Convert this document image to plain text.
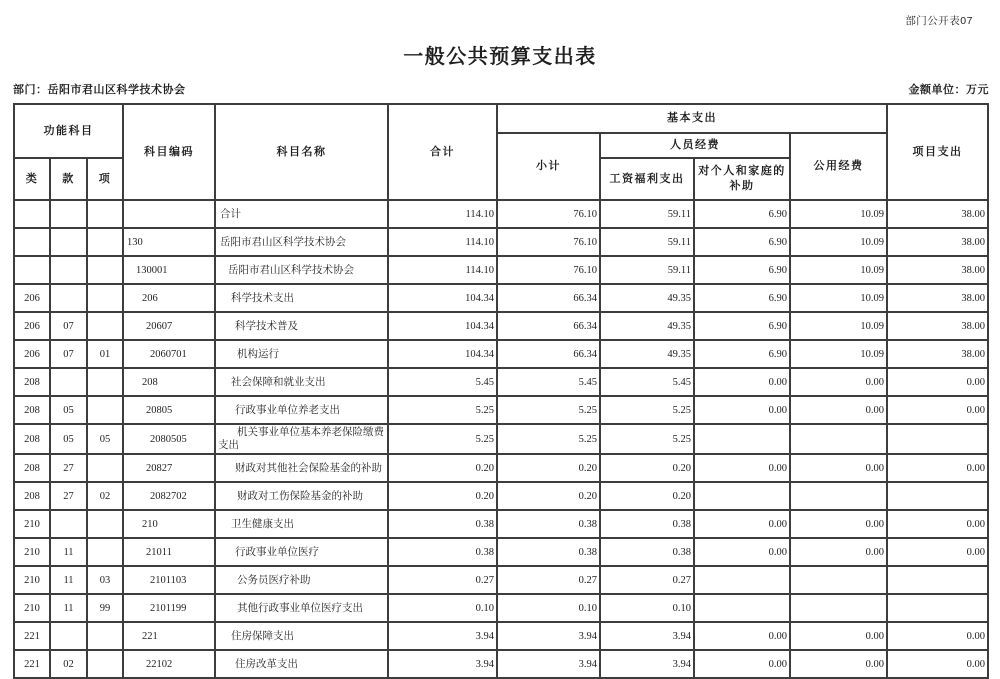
部门公开表07
一般公共预算支出表
部门：岳阳市君山区科学技术协会	金额单位：万元
功能科目			科目编码	科目名称	合计	基本支出				项目支出
						小计	人员经费		公用经费	
类	款	项					工资福利支出	对个人和家庭的补助		
				合计	114.10	76.10	59.11	6.90	10.09	38.00
			130	岳阳市君山区科学技术协会	114.10	76.10	59.11	6.90	10.09	38.00
			130001	岳阳市君山区科学技术协会	114.10	76.10	59.11	6.90	10.09	38.00
206			206	科学技术支出	104.34	66.34	49.35	6.90	10.09	38.00
206	07		20607	科学技术普及	104.34	66.34	49.35	6.90	10.09	38.00
206	07	01	2060701	机构运行	104.34	66.34	49.35	6.90	10.09	38.00
208			208	社会保障和就业支出	5.45	5.45	5.45	0.00	0.00	0.00
208	05		20805	行政事业单位养老支出	5.25	5.25	5.25	0.00	0.00	0.00
208	05	05	2080505	机关事业单位基本养老保险缴费支出	5.25	5.25	5.25			
208	27		20827	财政对其他社会保险基金的补助	0.20	0.20	0.20	0.00	0.00	0.00
208	27	02	2082702	财政对工伤保险基金的补助	0.20	0.20	0.20			
210			210	卫生健康支出	0.38	0.38	0.38	0.00	0.00	0.00
210	11		21011	行政事业单位医疗	0.38	0.38	0.38	0.00	0.00	0.00
210	11	03	2101103	公务员医疗补助	0.27	0.27	0.27			
210	11	99	2101199	其他行政事业单位医疗支出	0.10	0.10	0.10			
221			221	住房保障支出	3.94	3.94	3.94	0.00	0.00	0.00
221	02		22102	住房改革支出	3.94	3.94	3.94	0.00	0.00	0.00
